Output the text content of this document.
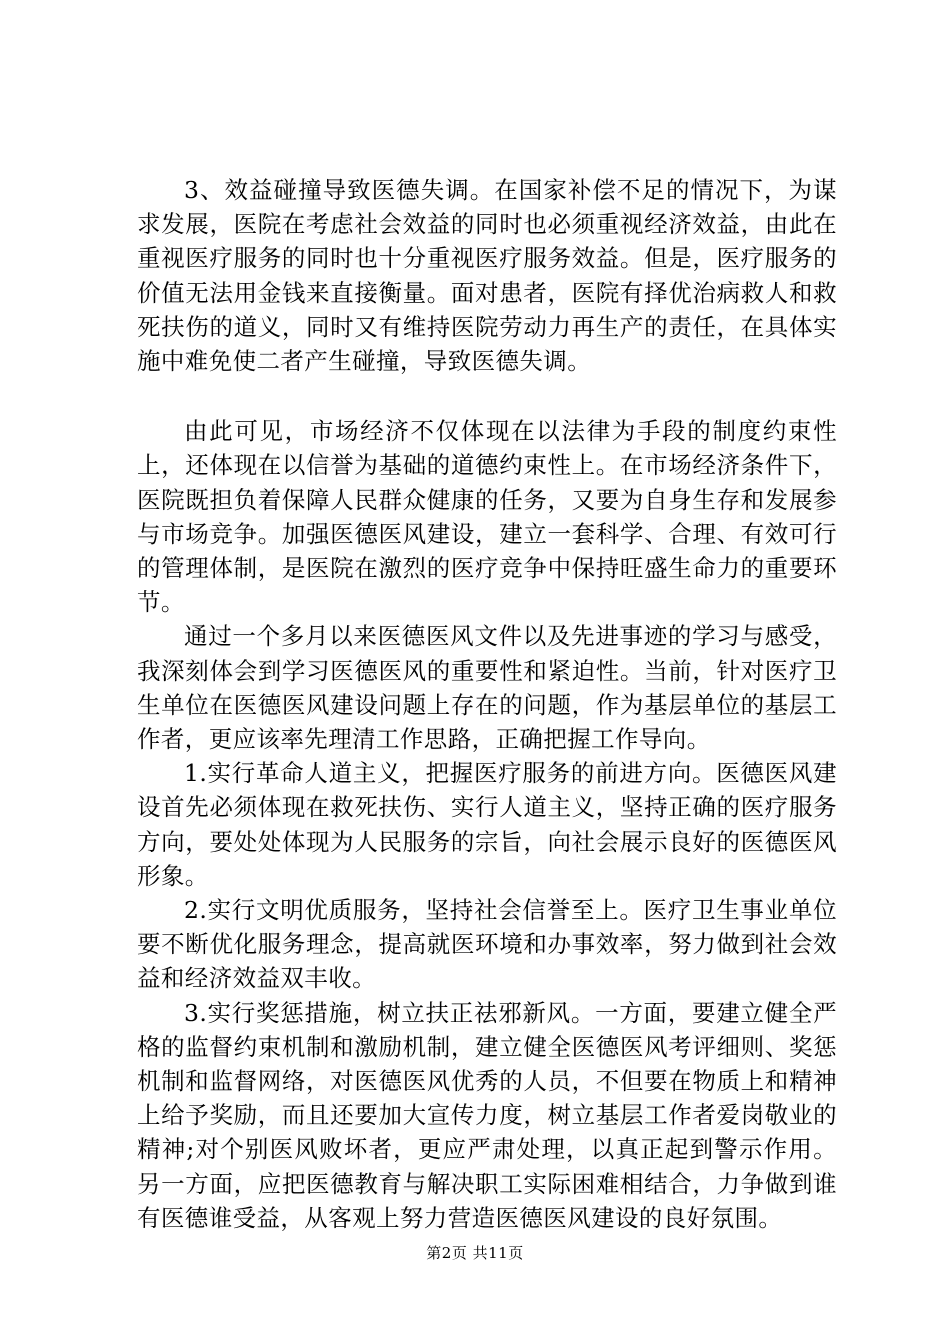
3、效益碰撞导致医德失调。在国家补偿不足的情况下，为谋求发展，医院在考虑社会效益的同时也必须重视经济效益，由此在重视医疗服务的同时也十分重视医疗服务效益。但是，医疗服务的价值无法用金钱来直接衡量。面对患者，医院有择优治病救人和救死扶伤的道义，同时又有维持医院劳动力再生产的责任，在具体实施中难免使二者产生碰撞，导致医德失调。

由此可见，市场经济不仅体现在以法律为手段的制度约束性上，还体现在以信誉为基础的道德约束性上。在市场经济条件下，医院既担负着保障人民群众健康的任务，又要为自身生存和发展参与市场竞争。加强医德医风建设，建立一套科学、合理、有效可行的管理体制，是医院在激烈的医疗竞争中保持旺盛生命力的重要环节。

通过一个多月以来医德医风文件以及先进事迹的学习与感受，我深刻体会到学习医德医风的重要性和紧迫性。当前，针对医疗卫生单位在医德医风建设问题上存在的问题，作为基层单位的基层工作者，更应该率先理清工作思路，正确把握工作导向。

1.实行革命人道主义，把握医疗服务的前进方向。医德医风建设首先必须体现在救死扶伤、实行人道主义，坚持正确的医疗服务方向，要处处体现为人民服务的宗旨，向社会展示良好的医德医风形象。

2.实行文明优质服务，坚持社会信誉至上。医疗卫生事业单位要不断优化服务理念，提高就医环境和办事效率，努力做到社会效益和经济效益双丰收。

3.实行奖惩措施，树立扶正祛邪新风。一方面，要建立健全严格的监督约束机制和激励机制，建立健全医德医风考评细则、奖惩机制和监督网络，对医德医风优秀的人员，不但要在物质上和精神上给予奖励，而且还要加大宣传力度，树立基层工作者爱岗敬业的精神;对个别医风败坏者，更应严肃处理，以真正起到警示作用。另一方面，应把医德教育与解决职工实际困难相结合，力争做到谁有医德谁受益，从客观上努力营造医德医风建设的良好氛围。

第2页 共11页
